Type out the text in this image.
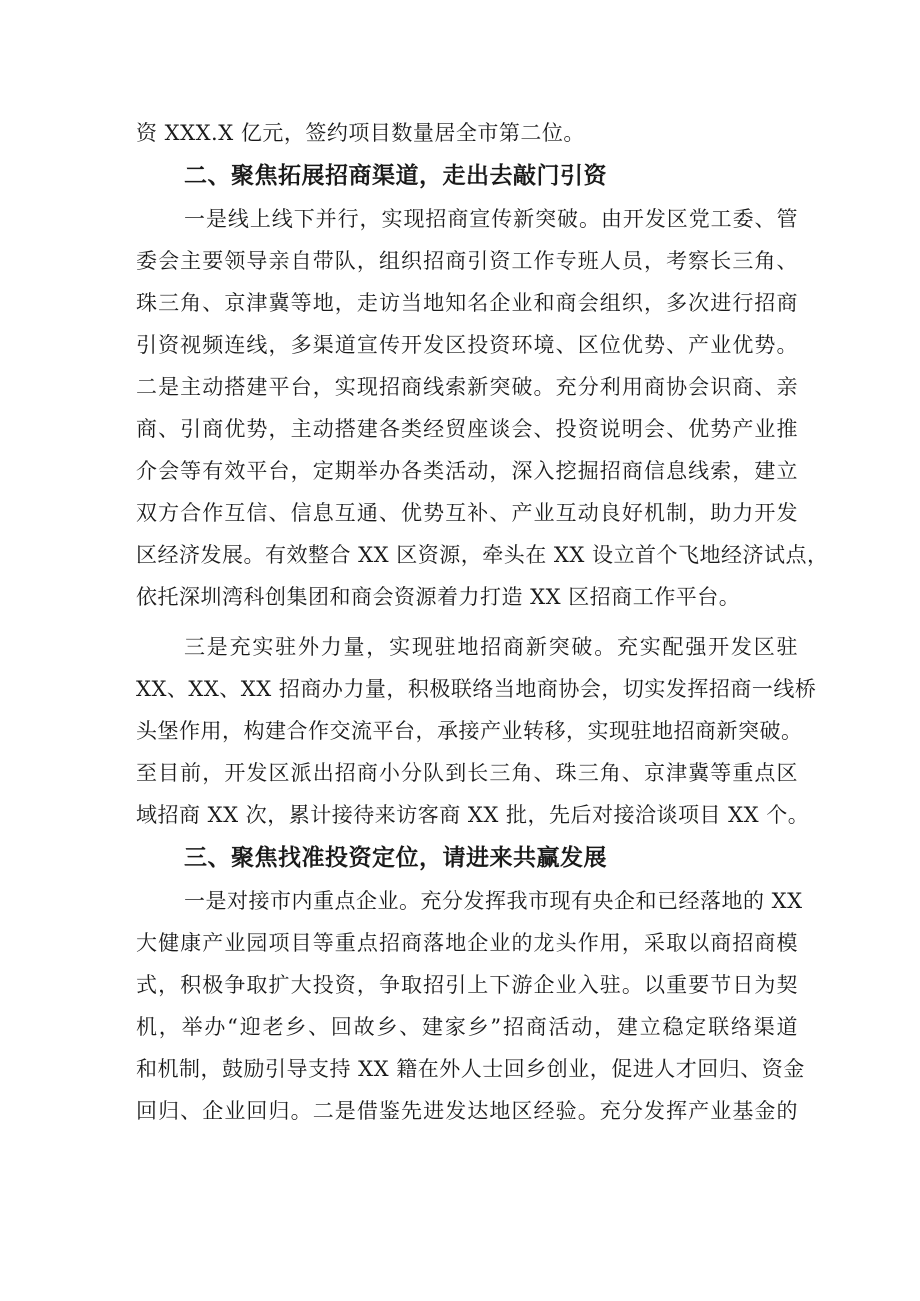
资 XXX.X 亿元，签约项目数量居全市第二位。
二、聚焦拓展招商渠道，走出去敲门引资
一是线上线下并行，实现招商宣传新突破。由开发区党工委、管
委会主要领导亲自带队，组织招商引资工作专班人员，考察长三角、
珠三角、京津冀等地，走访当地知名企业和商会组织，多次进行招商
引资视频连线，多渠道宣传开发区投资环境、区位优势、产业优势。
二是主动搭建平台，实现招商线索新突破。充分利用商协会识商、亲
商、引商优势，主动搭建各类经贸座谈会、投资说明会、优势产业推
介会等有效平台，定期举办各类活动，深入挖掘招商信息线索，建立
双方合作互信、信息互通、优势互补、产业互动良好机制，助力开发
区经济发展。有效整合 XX 区资源，牵头在 XX 设立首个飞地经济试点，
依托深圳湾科创集团和商会资源着力打造 XX 区招商工作平台。
三是充实驻外力量，实现驻地招商新突破。充实配强开发区驻
XX、XX、XX 招商办力量，积极联络当地商协会，切实发挥招商一线桥
头堡作用，构建合作交流平台，承接产业转移，实现驻地招商新突破。
至目前，开发区派出招商小分队到长三角、珠三角、京津冀等重点区
域招商 XX 次，累计接待来访客商 XX 批，先后对接洽谈项目 XX 个。
三、聚焦找准投资定位，请进来共赢发展
一是对接市内重点企业。充分发挥我市现有央企和已经落地的 XX
大健康产业园项目等重点招商落地企业的龙头作用，采取以商招商模
式，积极争取扩大投资，争取招引上下游企业入驻。以重要节日为契
机，举办“迎老乡、回故乡、建家乡”招商活动，建立稳定联络渠道
和机制，鼓励引导支持 XX 籍在外人士回乡创业，促进人才回归、资金
回归、企业回归。二是借鉴先进发达地区经验。充分发挥产业基金的
